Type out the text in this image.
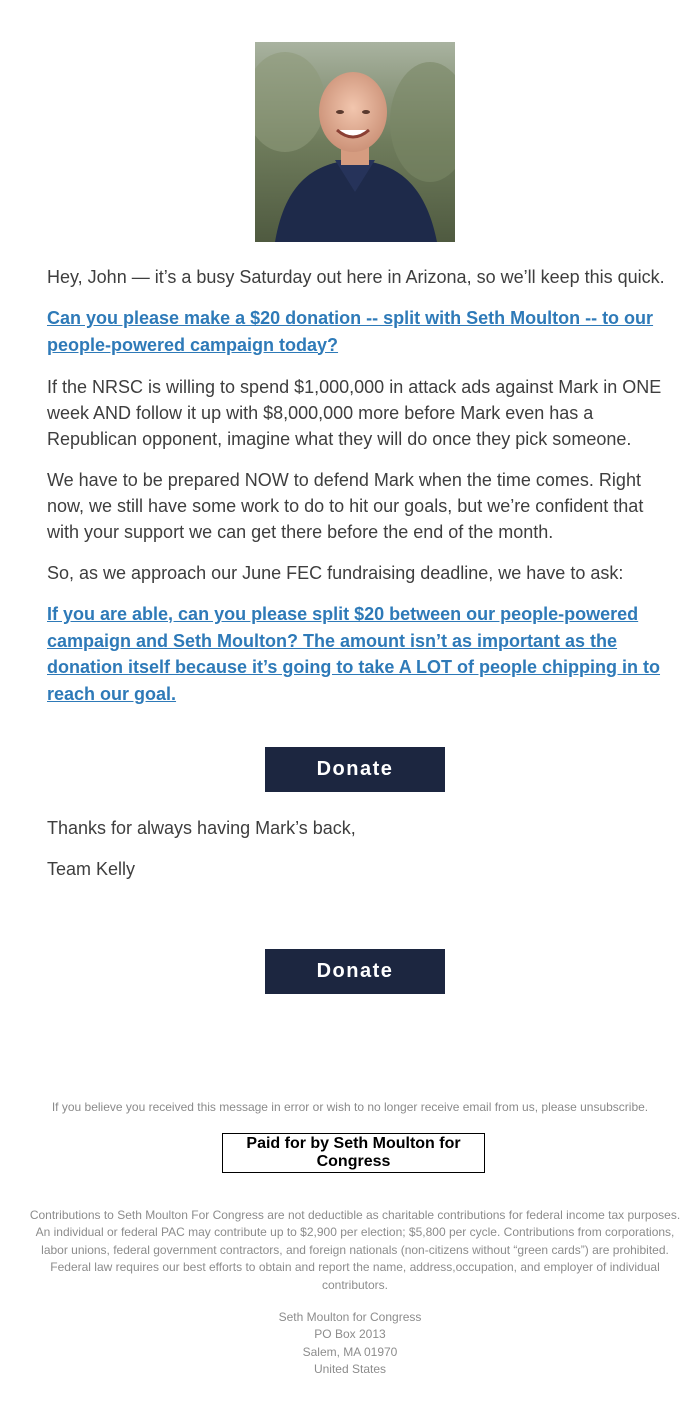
Hey, John — it’s a busy Saturday out here in Arizona, so we’ll keep this quick.

Can you please make a $20 donation -- split with Seth Moulton -- to our people-powered campaign today?

If the NRSC is willing to spend $1,000,000 in attack ads against Mark in ONE week AND follow it up with $8,000,000 more before Mark even has a Republican opponent, imagine what they will do once they pick someone.

We have to be prepared NOW to defend Mark when the time comes. Right now, we still have some work to do to hit our goals, but we’re confident that with your support we can get there before the end of the month.

So, as we approach our June FEC fundraising deadline, we have to ask:

If you are able, can you please split $20 between our people-powered campaign and Seth Moulton? The amount isn’t as important as the donation itself because it’s going to take A LOT of people chipping in to reach our goal.
Donate

Thanks for always having Mark’s back,

Team Kelly

Donate
If you believe you received this message in error or wish to no longer receive email from us, please unsubscribe.
Paid for by Seth Moulton for Congress
Contributions to Seth Moulton For Congress are not deductible as charitable contributions for federal income tax purposes. An individual or federal PAC may contribute up to $2,900 per election; $5,800 per cycle. Contributions from corporations, labor unions, federal government contractors, and foreign nationals (non-citizens without “green cards”) are prohibited. Federal law requires our best efforts to obtain and report the name, address,occupation, and employer of individual contributors.
Seth Moulton for Congress
PO Box 2013
Salem, MA 01970
United States
